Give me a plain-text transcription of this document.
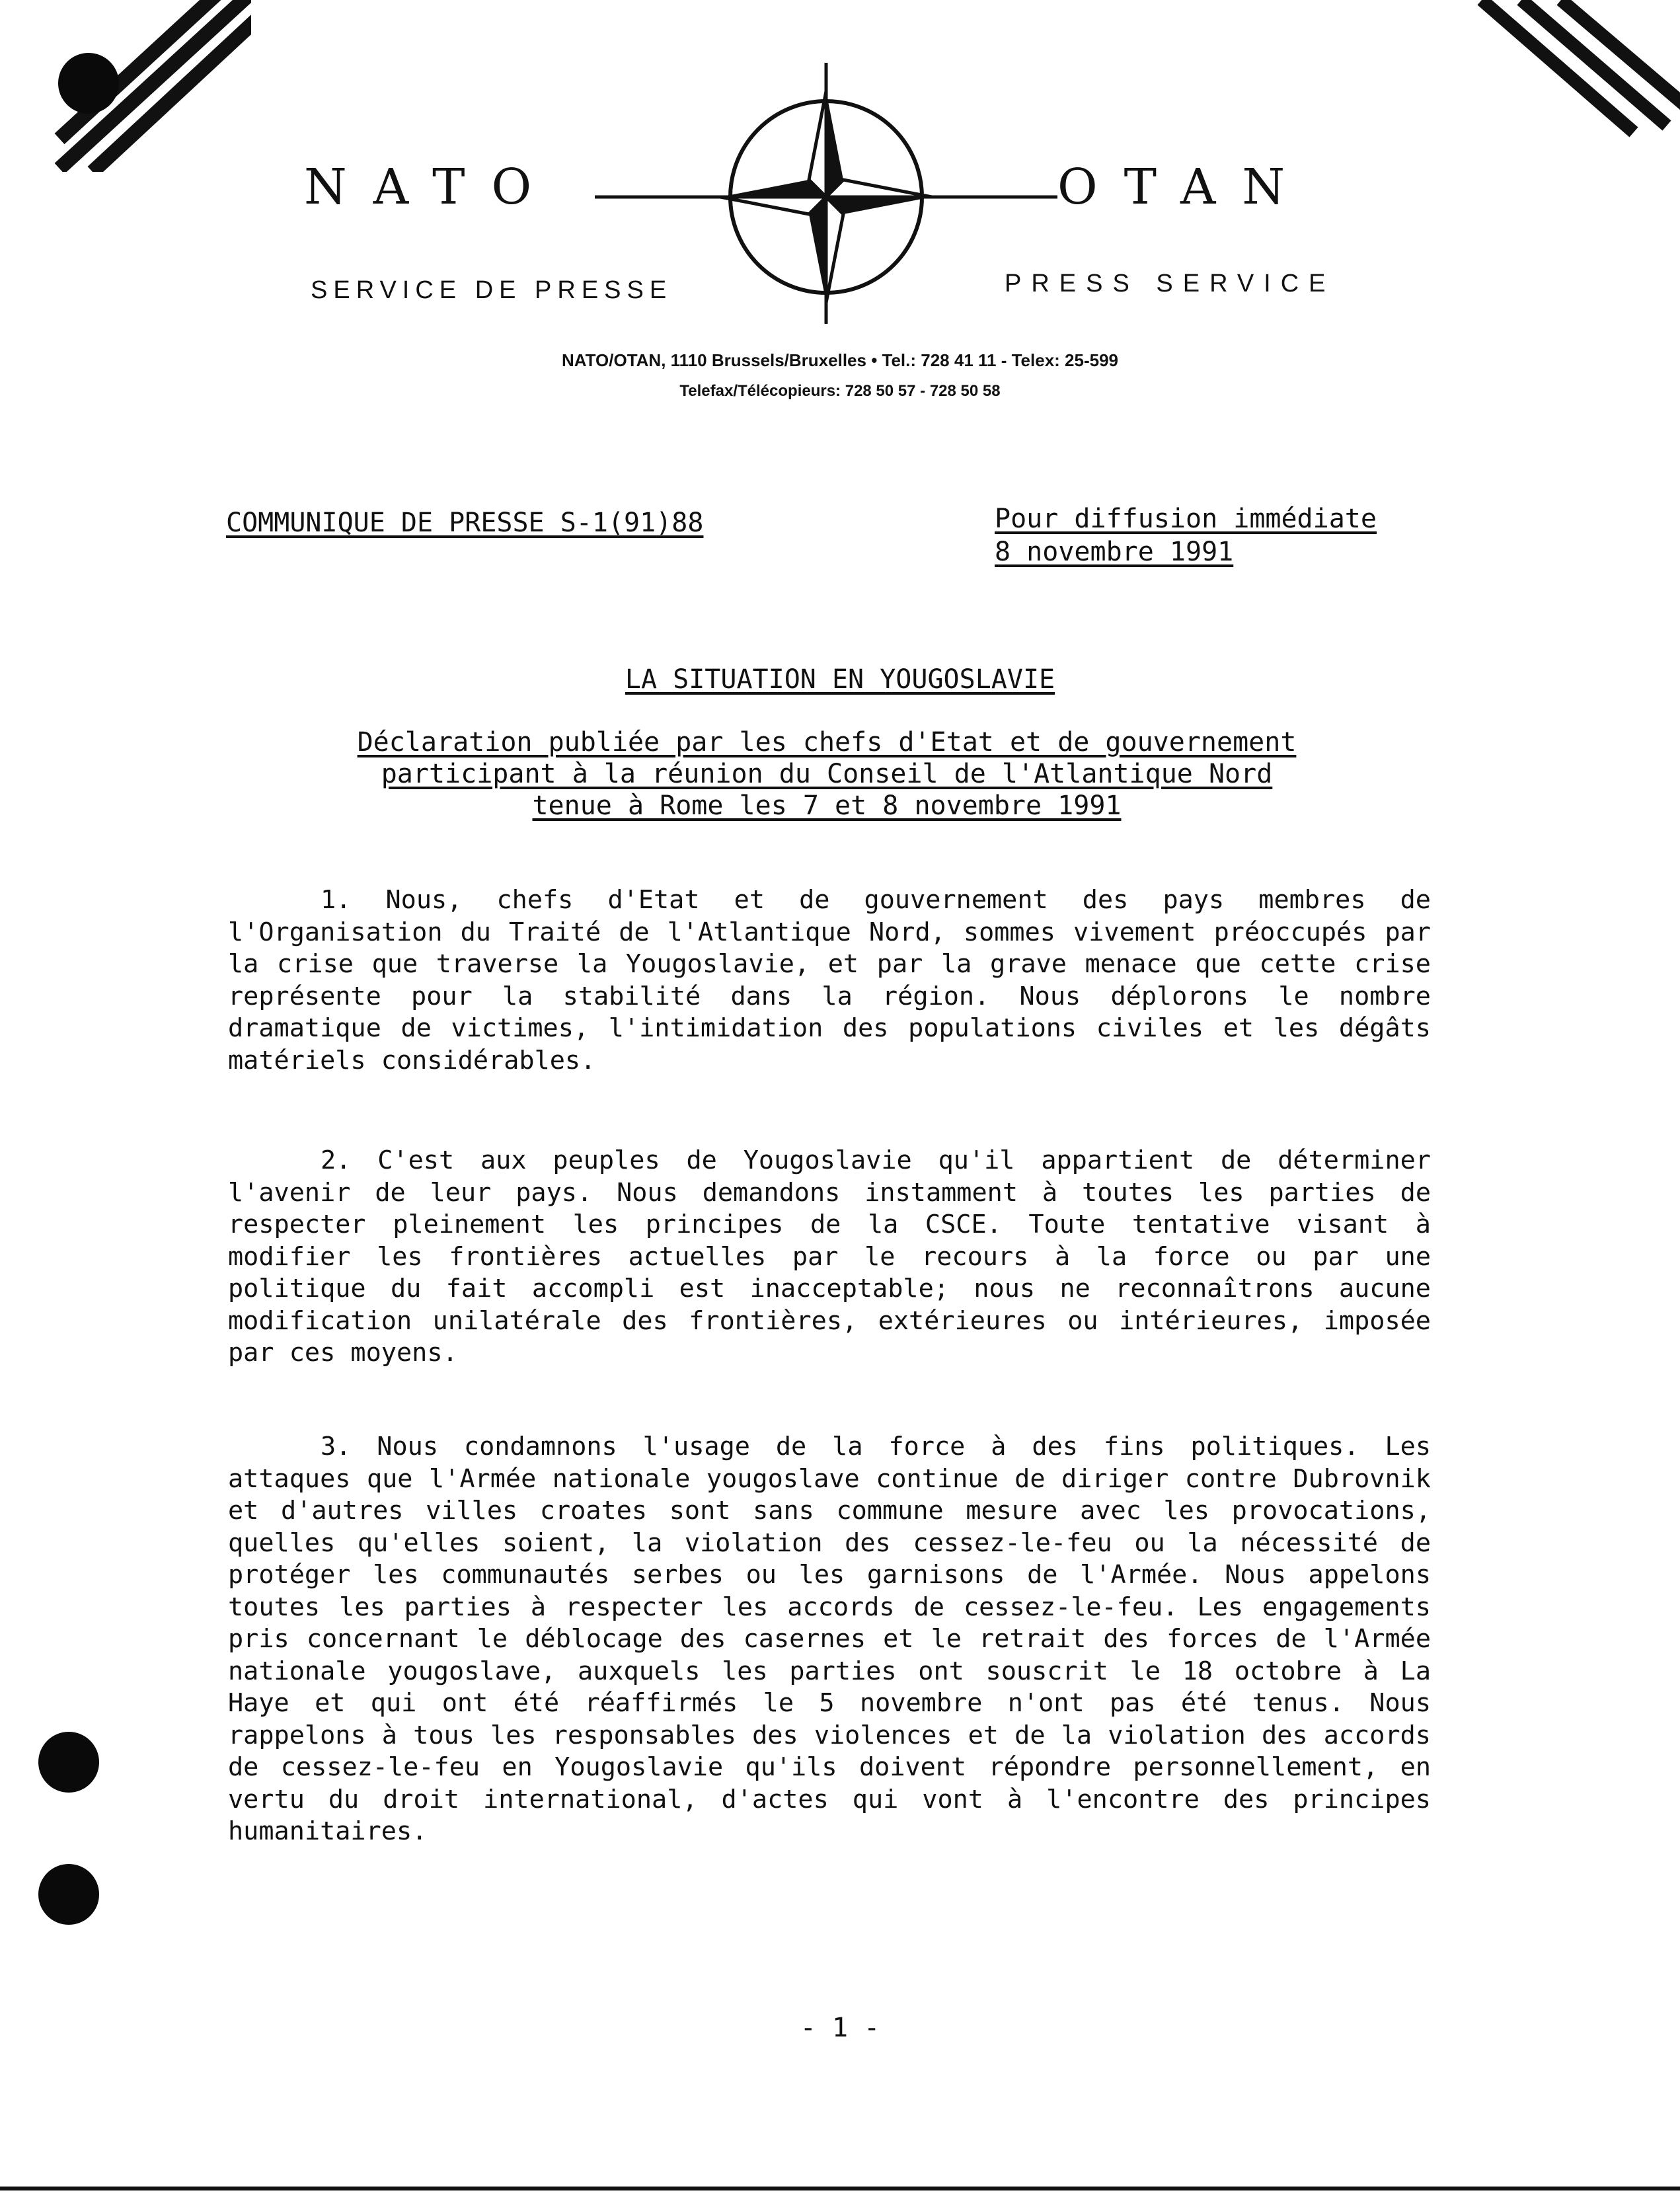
NATO	OTAN
SERVICE DE PRESSE	PRESS SERVICE
NATO/OTAN, 1110 Brussels/Bruxelles • Tel.: 728 41 11 - Telex: 25-599
Telefax/Télécopieurs: 728 50 57 - 728 50 58
COMMUNIQUE DE PRESSE S-1(91)88	Pour diffusion immédiate
8 novembre 1991
LA SITUATION EN YOUGOSLAVIE
Déclaration publiée par les chefs d'Etat et de gouvernement
participant à la réunion du Conseil de l'Atlantique Nord
tenue à Rome les 7 et 8 novembre 1991

1. Nous, chefs d'Etat et de gouvernement des pays membres de l'Organisation du Traité de l'Atlantique Nord, sommes vivement préoccupés par la crise que traverse la Yougoslavie, et par la grave menace que cette crise représente pour la stabilité dans la région. Nous déplorons le nombre dramatique de victimes, l'intimidation des populations civiles et les dégâts matériels considérables.

2. C'est aux peuples de Yougoslavie qu'il appartient de déterminer l'avenir de leur pays. Nous demandons instamment à toutes les parties de respecter pleinement les principes de la CSCE. Toute tentative visant à modifier les frontières actuelles par le recours à la force ou par une politique du fait accompli est inacceptable; nous ne reconnaîtrons aucune modification unilatérale des frontières, extérieures ou intérieures, imposée par ces moyens.

3. Nous condamnons l'usage de la force à des fins politiques. Les attaques que l'Armée nationale yougoslave continue de diriger contre Dubrovnik et d'autres villes croates sont sans commune mesure avec les provocations, quelles qu'elles soient, la violation des cessez-le-feu ou la nécessité de protéger les communautés serbes ou les garnisons de l'Armée. Nous appelons toutes les parties à respecter les accords de cessez-le-feu. Les engagements pris concernant le déblocage des casernes et le retrait des forces de l'Armée nationale yougoslave, auxquels les parties ont souscrit le 18 octobre à La Haye et qui ont été réaffirmés le 5 novembre n'ont pas été tenus. Nous rappelons à tous les responsables des violences et de la violation des accords de cessez-le-feu en Yougoslavie qu'ils doivent répondre personnellement, en vertu du droit international, d'actes qui vont à l'encontre des principes humanitaires.

- 1 -
